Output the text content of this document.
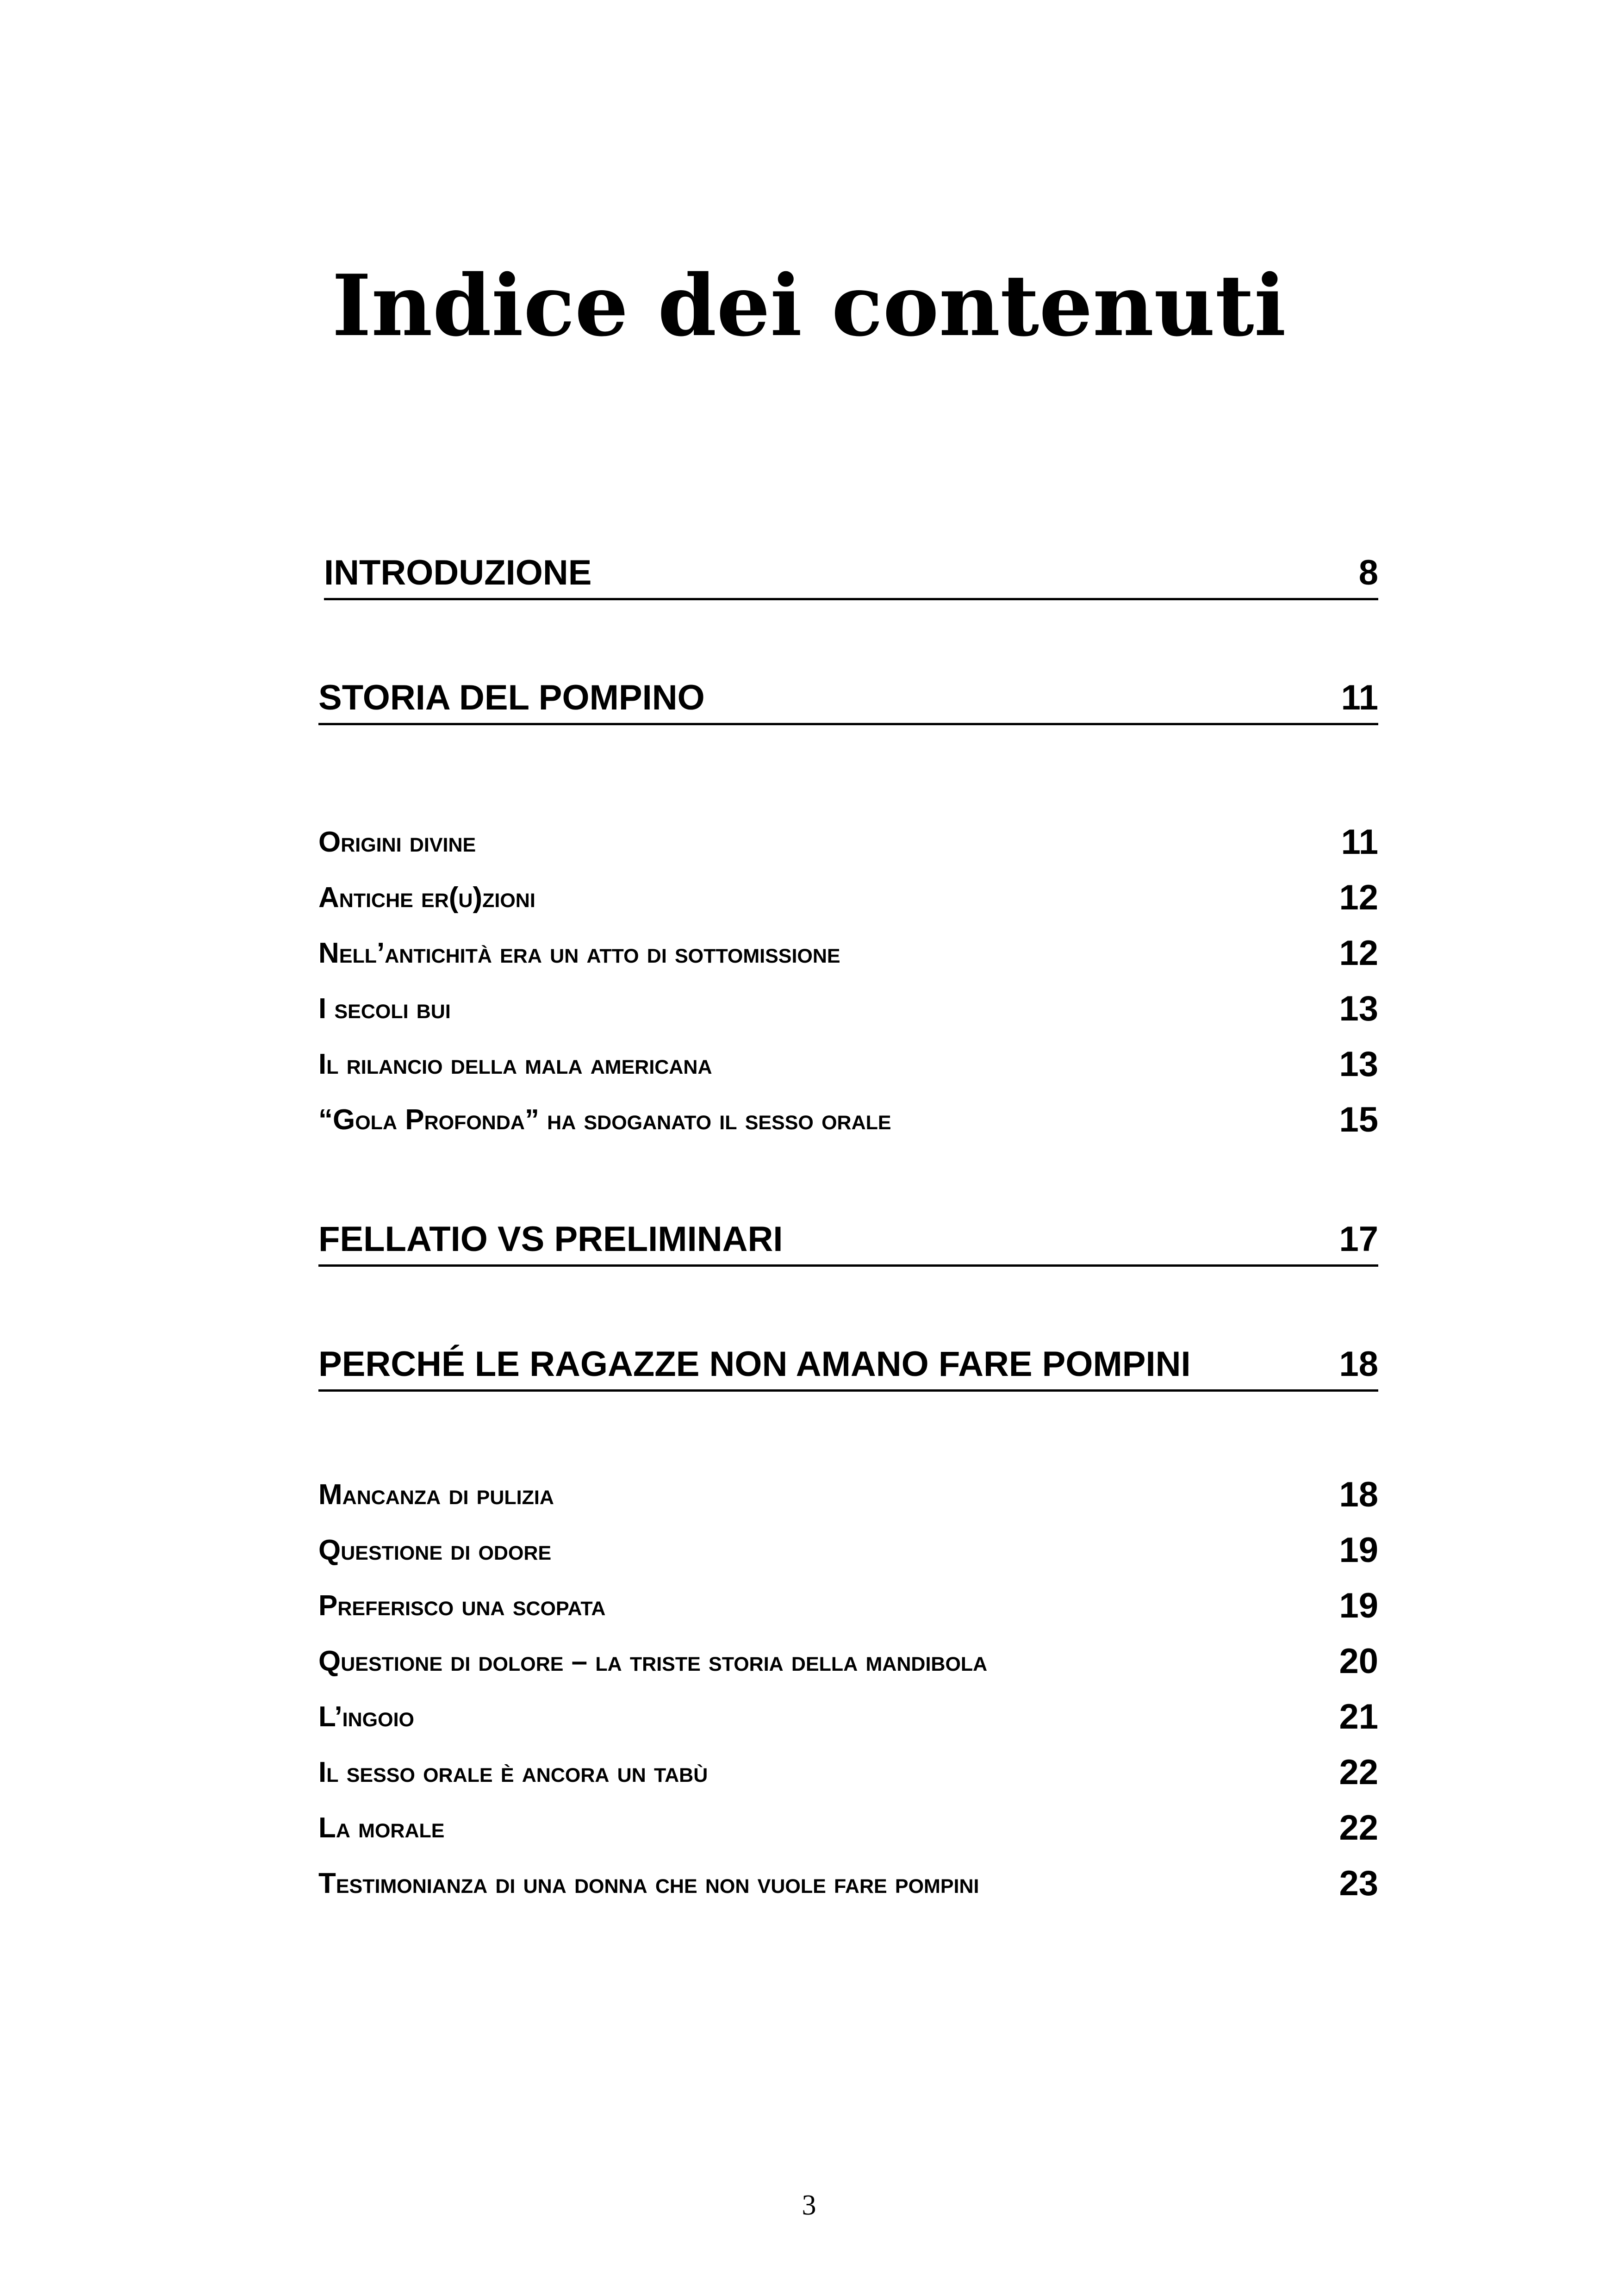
Indice dei contenuti
INTRODUZIONE	8
STORIA DEL POMPINO	11
Origini divine	11
Antiche er(u)zioni	12
Nell’antichità era un atto di sottomissione	12
I secoli bui	13
Il rilancio della mala americana	13
“Gola Profonda” ha sdoganato il sesso orale	15
FELLATIO VS PRELIMINARI	17
PERCHÉ LE RAGAZZE NON AMANO FARE POMPINI	18
Mancanza di pulizia	18
Questione di odore	19
Preferisco una scopata	19
Questione di dolore – la triste storia della mandibola	20
L’ingoio	21
Il sesso orale è ancora un tabù	22
La morale	22
Testimonianza di una donna che non vuole fare pompini	23
3
